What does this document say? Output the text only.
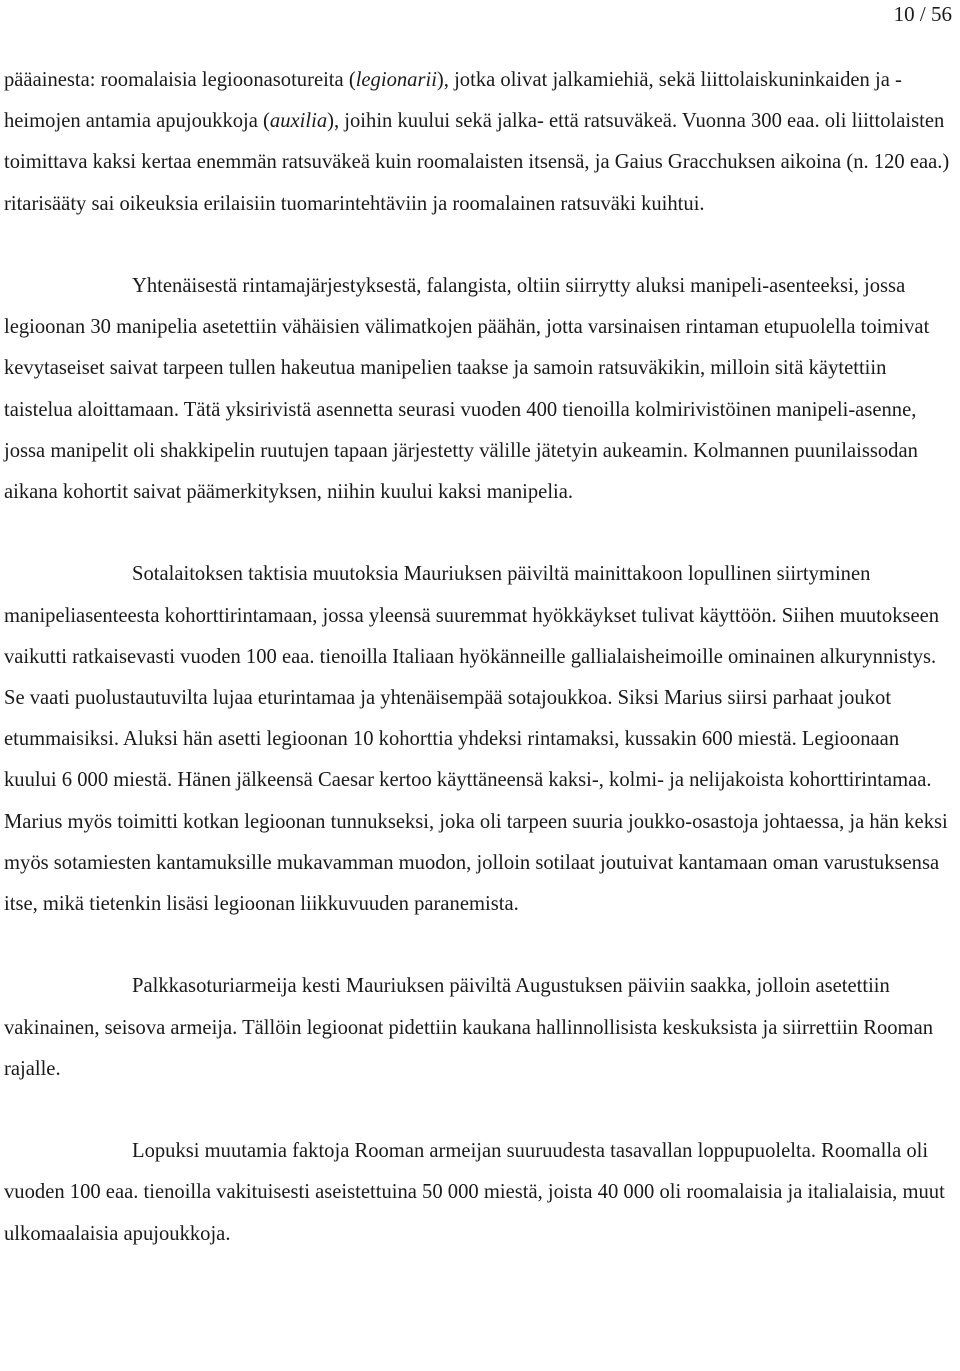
10 / 56

pääainesta: roomalaisia legioonasotureita (legionarii), jotka olivat jalkamiehiä, sekä liittolaiskuninkaiden ja -heimojen antamia apujoukkoja (auxilia), joihin kuului sekä jalka- että ratsuväkeä. Vuonna 300 eaa. oli liittolaisten toimittava kaksi kertaa enemmän ratsuväkeä kuin roomalaisten itsensä, ja Gaius Gracchuksen aikoina (n. 120 eaa.) ritarisääty sai oikeuksia erilaisiin tuomarintehtäviin ja roomalainen ratsuväki kuihtui.

Yhtenäisestä rintamajärjestyksestä, falangista, oltiin siirrytty aluksi manipeli-asenteeksi, jossa legioonan 30 manipelia asetettiin vähäisien välimatkojen päähän, jotta varsinaisen rintaman etupuolella toimivat kevytaseiset saivat tarpeen tullen hakeutua manipelien taakse ja samoin ratsuväkikin, milloin sitä käytettiin taistelua aloittamaan. Tätä yksirivistä asennetta seurasi vuoden 400 tienoilla kolmirivistöinen manipeli-asenne, jossa manipelit oli shakkipelin ruutujen tapaan järjestetty välille jätetyin aukeamin. Kolmannen puunilaissodan aikana kohortit saivat päämerkityksen, niihin kuului kaksi manipelia.

Sotalaitoksen taktisia muutoksia Mauriuksen päiviltä mainittakoon lopullinen siirtyminen manipeliasenteesta kohorttirintamaan, jossa yleensä suuremmat hyökkäykset tulivat käyttöön. Siihen muutokseen vaikutti ratkaisevasti vuoden 100 eaa. tienoilla Italiaan hyökänneille gallialaisheimoille ominainen alkurynnistys. Se vaati puolustautuvilta lujaa eturintamaa ja yhtenäisempää sotajoukkoa. Siksi Marius siirsi parhaat joukot etummaisiksi. Aluksi hän asetti legioonan 10 kohorttia yhdeksi rintamaksi, kussakin 600 miestä. Legioonaan kuului 6 000 miestä. Hänen jälkeensä Caesar kertoo käyttäneensä kaksi-, kolmi- ja nelijakoista kohorttirintamaa. Marius myös toimitti kotkan legioonan tunnukseksi, joka oli tarpeen suuria joukko-osastoja johtaessa, ja hän keksi myös sotamiesten kantamuksille mukavamman muodon, jolloin sotilaat joutuivat kantamaan oman varustuksensa itse, mikä tietenkin lisäsi legioonan liikkuvuuden paranemista.

Palkkasoturiarmeija kesti Mauriuksen päiviltä Augustuksen päiviin saakka, jolloin asetettiin vakinainen, seisova armeija. Tällöin legioonat pidettiin kaukana hallinnollisista keskuksista ja siirrettiin Rooman rajalle.

Lopuksi muutamia faktoja Rooman armeijan suuruudesta tasavallan loppupuolelta. Roomalla oli vuoden 100 eaa. tienoilla vakituisesti aseistettuina 50 000 miestä, joista 40 000 oli roomalaisia ja italialaisia, muut ulkomaalaisia apujoukkoja.
